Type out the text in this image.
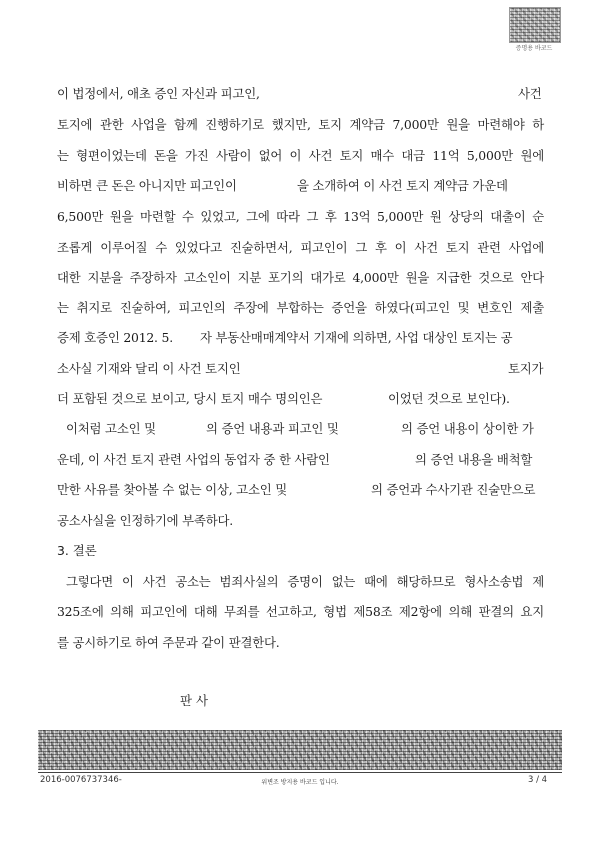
증명용 바코드
이 법정에서, 애초 증인 자신과 피고인,	사건
토지에 관한 사업을 함께 진행하기로 했지만, 토지 계약금 7,000만 원을 마련해야 하
는 형편이었는데 돈을 가진 사람이 없어 이 사건 토지 매수 대금 11억 5,000만 원에
비하면 큰 돈은 아니지만 피고인이	을 소개하여 이 사건 토지 계약금 가운데
6,500만 원을 마련할 수 있었고, 그에 따라 그 후 13억 5,000만 원 상당의 대출이 순
조롭게 이루어질 수 있었다고 진술하면서, 피고인이 그 후 이 사건 토지 관련 사업에
대한 지분을 주장하자 고소인이 지분 포기의 대가로 4,000만 원을 지급한 것으로 안다
는 취지로 진술하여, 피고인의 주장에 부합하는 증언을 하였다(피고인 및 변호인 제출
증제 호증인 2012. 5. 자 부동산매매계약서 기재에 의하면, 사업 대상인 토지는 공
소사실 기재와 달리 이 사건 토지인	토지가
더 포함된 것으로 보이고, 당시 토지 매수 명의인은	이었던 것으로 보인다).
이처럼 고소인 및	의 증언 내용과 피고인 및	의 증언 내용이 상이한 가
운데, 이 사건 토지 관련 사업의 동업자 중 한 사람인	의 증언 내용을 배척할
만한 사유를 찾아볼 수 없는 이상, 고소인 및	의 증언과 수사기관 진술만으로
공소사실을 인정하기에 부족하다.
3. 결론
그렇다면 이 사건 공소는 범죄사실의 증명이 없는 때에 해당하므로 형사소송법 제
325조에 의해 피고인에 대해 무죄를 선고하고, 형법 제58조 제2항에 의해 판결의 요지
를 공시하기로 하여 주문과 같이 판결한다.
판사
2016-0076737346-	위변조 방지용 바코드 입니다.	3 / 4
